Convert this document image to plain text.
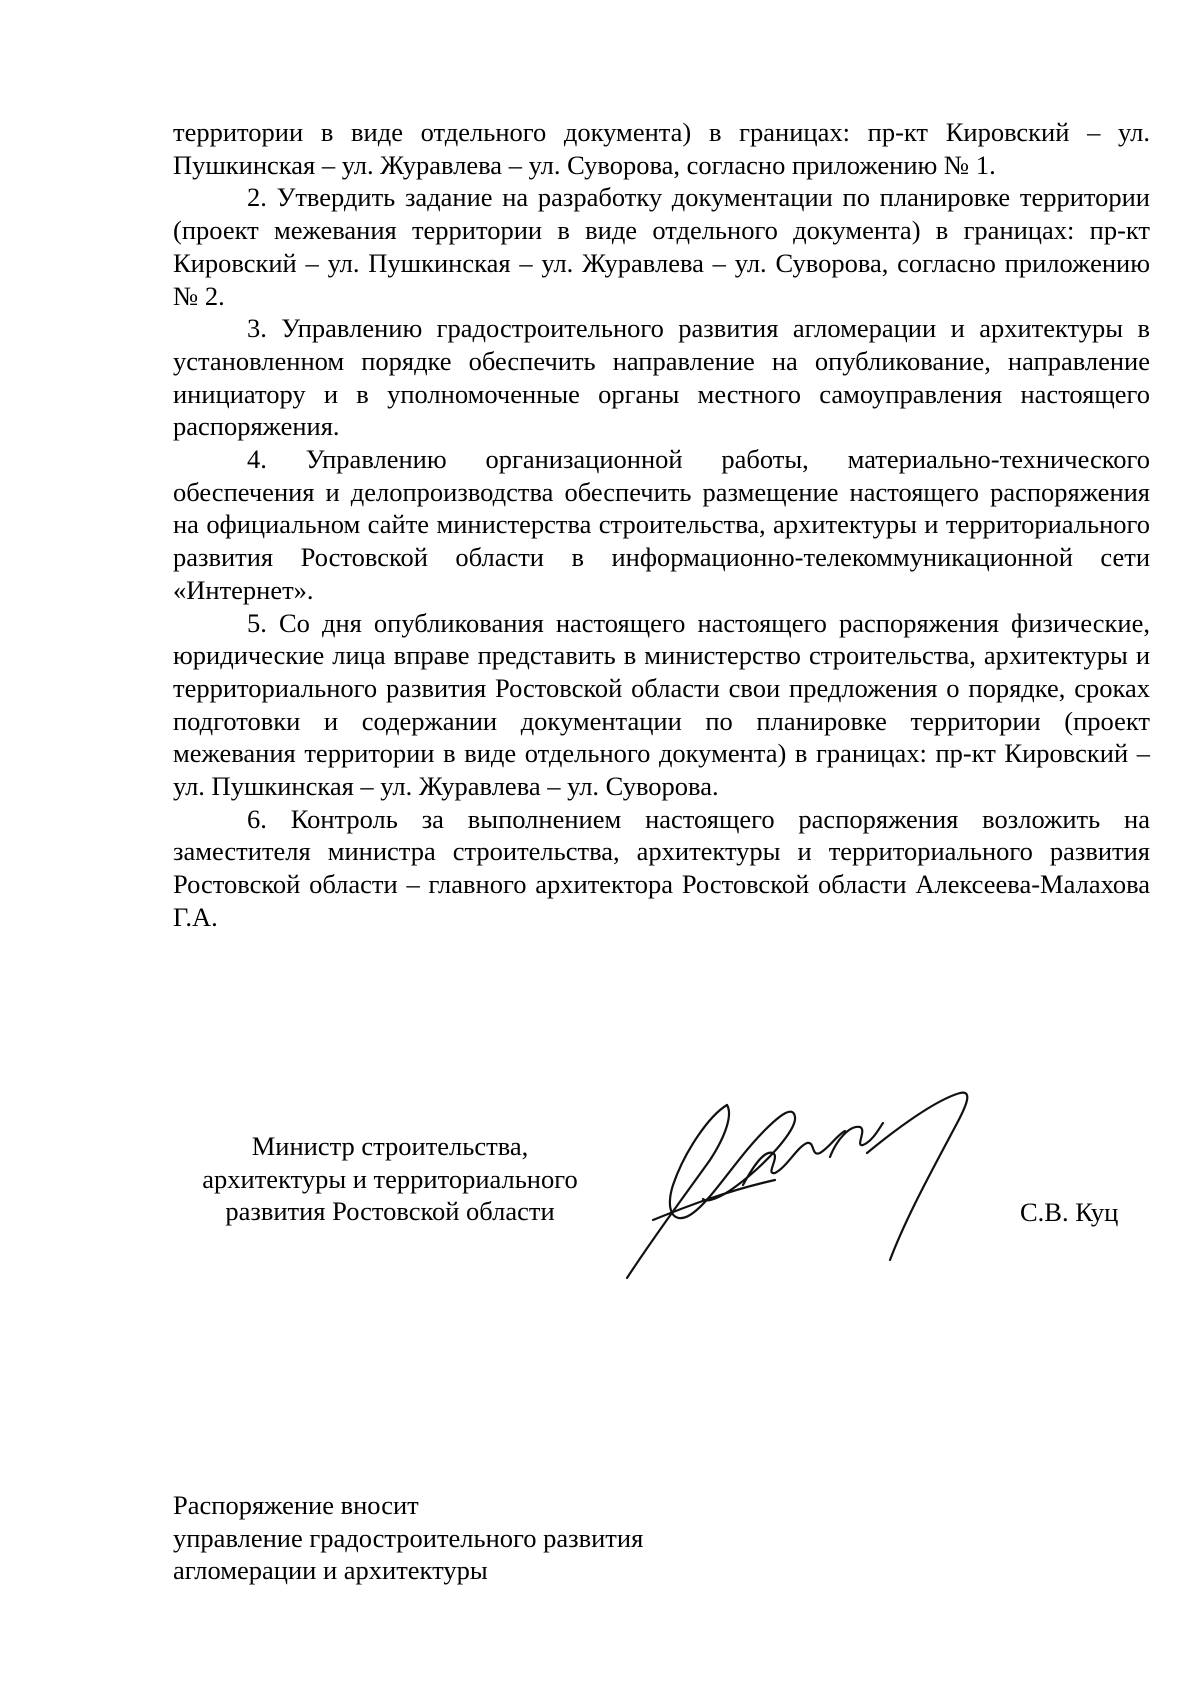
территории в виде отдельного документа) в границах: пр-кт Кировский – ул. Пушкинская – ул. Журавлева – ул. Суворова, согласно приложению № 1.

2. Утвердить задание на разработку документации по планировке территории (проект межевания территории в виде отдельного документа) в границах: пр-кт Кировский – ул. Пушкинская – ул. Журавлева – ул. Суворова, согласно приложению № 2.

3. Управлению градостроительного развития агломерации и архитектуры в установленном порядке обеспечить направление на опубликование, направление инициатору и в уполномоченные органы местного самоуправления настоящего распоряжения.

4. Управлению организационной работы, материально-технического обеспечения и делопроизводства обеспечить размещение настоящего распоряжения на официальном сайте министерства строительства, архитектуры и территориального развития Ростовской области в информационно-телекоммуникационной сети «Интернет».

5. Со дня опубликования настоящего настоящего распоряжения физические, юридические лица вправе представить в министерство строительства, архитектуры и территориального развития Ростовской области свои предложения о порядке, сроках подготовки и содержании документации по планировке территории (проект межевания территории в виде отдельного документа) в границах: пр-кт Кировский – ул. Пушкинская – ул. Журавлева – ул. Суворова.

6. Контроль за выполнением настоящего распоряжения возложить на заместителя министра строительства, архитектуры и территориального развития Ростовской области – главного архитектора Ростовской области Алексеева-Малахова Г.А.

Министр строительства,
архитектуры и территориального
развития Ростовской области	С.В. Куц
Распоряжение вносит
управление градостроительного развития
агломерации и архитектуры
